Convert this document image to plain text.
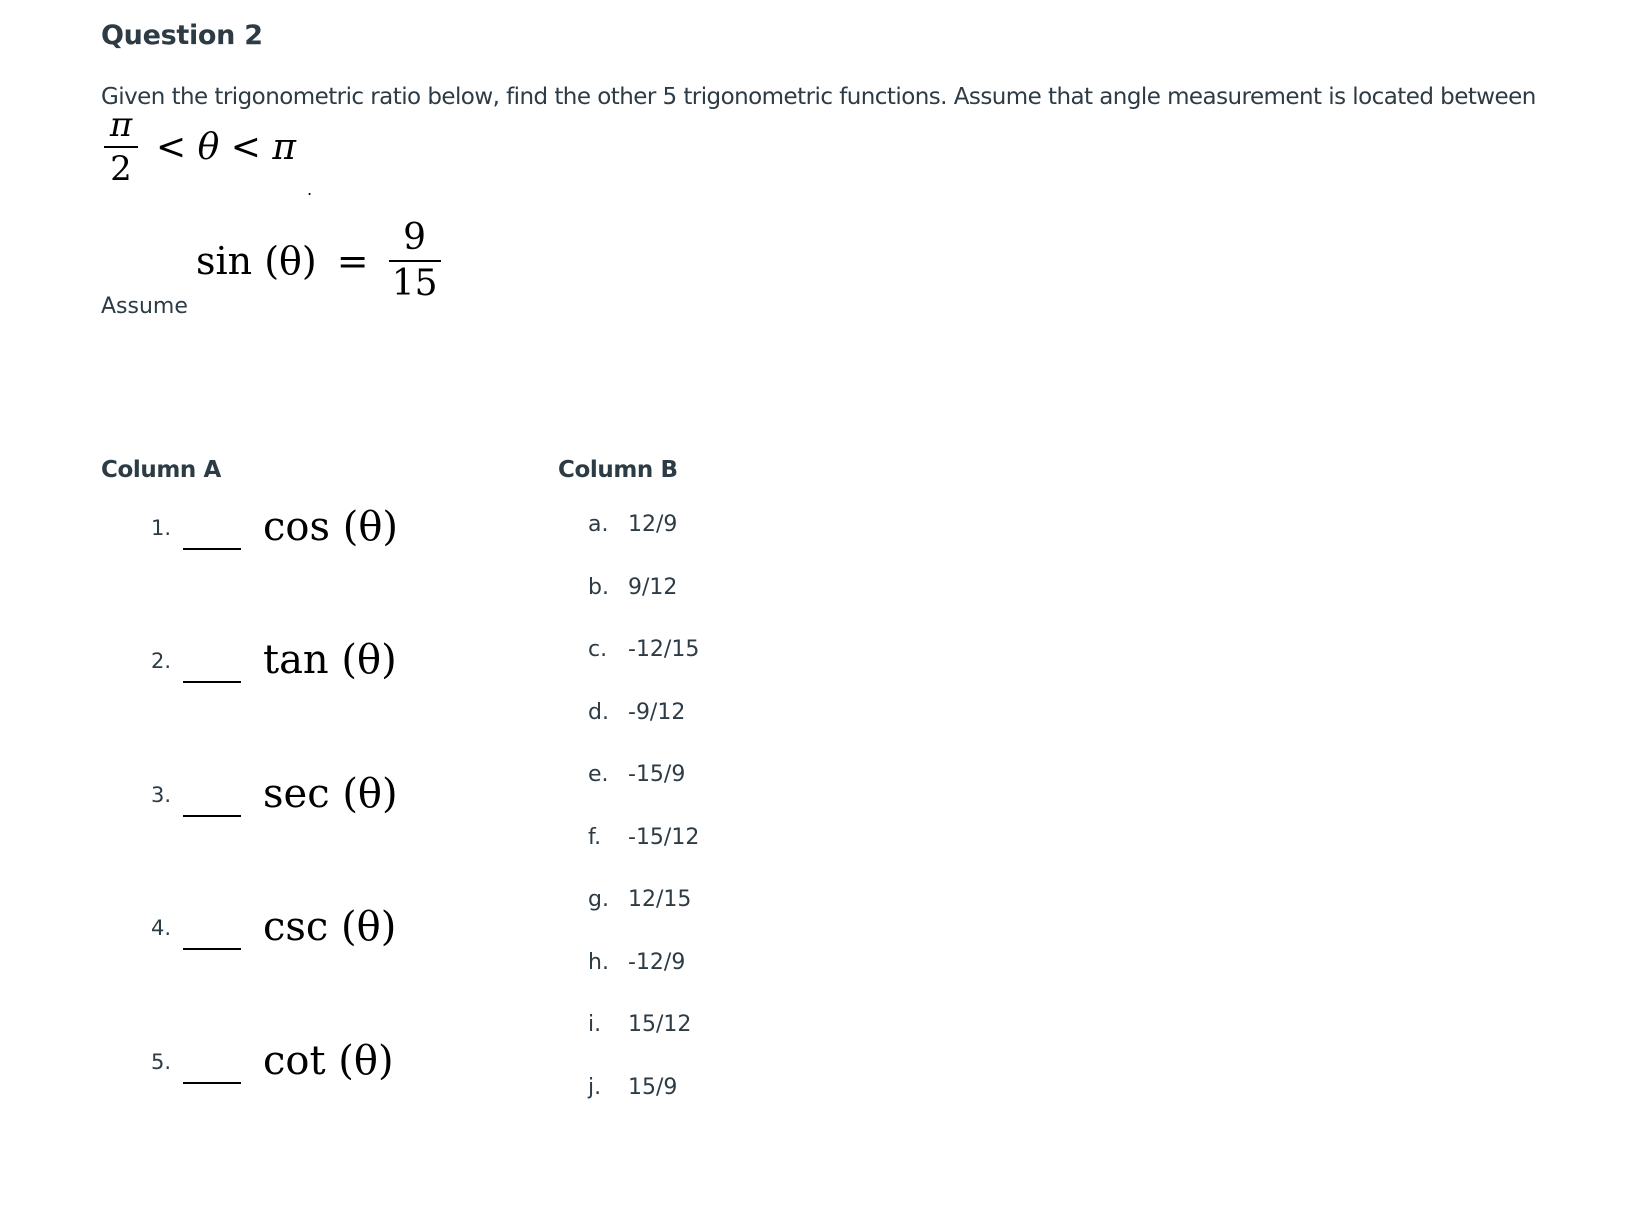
Question 2
Given the trigonometric ratio below, find the other 5 trigonometric functions. Assume that angle measurement is located between
$\frac{\pi}{2} < \theta < \pi$
.
Assume
$\sin (\theta) = \frac{9}{15}$
Column A	Column B
1. cos (θ)
2. tan (θ)
3. sec (θ)
4. csc (θ)
5. cot (θ)
a. 12/9
b. 9/12
c. -12/15
d. -9/12
e. -15/9
f. -15/12
g. 12/15
h. -12/9
i. 15/12
j. 15/9
